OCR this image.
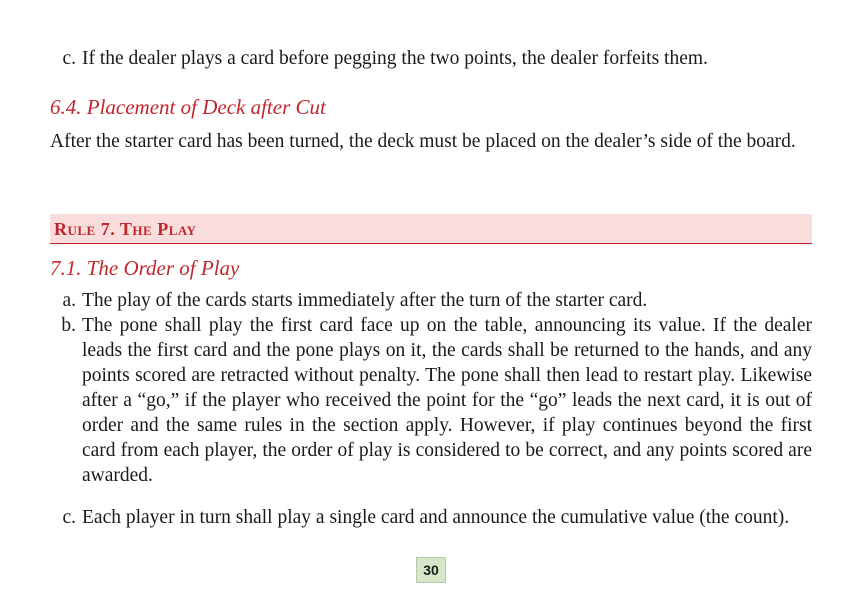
c. If the dealer plays a card before pegging the two points, the dealer forfeits them.
6.4. Placement of Deck after Cut

After the starter card has been turned, the deck must be placed on the dealer’s side of the board.

Rule 7. The Play
7.1. The Order of Play
a. The play of the cards starts immediately after the turn of the starter card.
b. The pone shall play the first card face up on the table, announcing its value. If the dealer leads the first card and the pone plays on it, the cards shall be returned to the hands, and any points scored are retracted without penalty. The pone shall then lead to restart play. Likewise after a “go,” if the player who received the point for the “go” leads the next card, it is out of order and the same rules in the section apply. However, if play continues beyond the first card from each player, the order of play is considered to be correct, and any points scored are awarded.
c. Each player in turn shall play a single card and announce the cumulative value (the count).
30
